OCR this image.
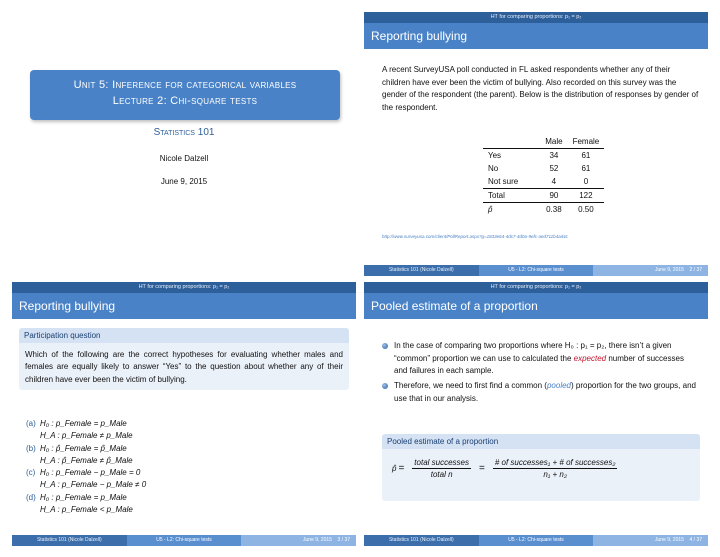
Unit 5: Inference for categorical variables
Lecture 2: Chi-square tests
Statistics 101
Nicole Dalzell
June 9, 2015
HT for comparing proportions: p₁ = p₂
Reporting bullying
A recent SurveyUSA poll conducted in FL asked respondents whether any of their children have ever been the victim of bullying. Also recorded on this survey was the gender of the respondent (the parent). Below is the distribution of responses by gender of the respondent.
	Male	Female
Yes	34	61
No	52	61
Not sure	4	0
Total	90	122
p̂	0.38	0.50
http://www.surveyusa.com/client/PollReport.aspx?g=1833e64-4dc7-4d0a-9efc-aed711b4ad4c
Statistics 101 (Nicole Dalzell)	U5 - L2: Chi-square tests	June 9, 2015 2 / 37
HT for comparing proportions: p₁ = p₂
Reporting bullying
Participation question
Which of the following are the correct hypotheses for evaluating whether males and females are equally likely to answer “Yes” to the question about whether any of their children have ever been the victim of bullying.
(a) H₀ : p_Female = p_Male
H_A : p_Female ≠ p_Male
(b) H₀ : p̂_Female = p̂_Male
H_A : p̂_Female ≠ p̂_Male
(c) H₀ : p_Female − p_Male = 0
H_A : p_Female − p_Male ≠ 0
(d) H₀ : p_Female = p_Male
H_A : p_Female < p_Male
Statistics 101 (Nicole Dalzell)	U5 - L2: Chi-square tests	June 9, 2015 3 / 37
HT for comparing proportions: p₁ = p₂
Pooled estimate of a proportion
In the case of comparing two proportions where H₀ : p₁ = p₂, there isn’t a given “common” proportion we can use to calculated the expected number of successes and failures in each sample.
Therefore, we need to first find a common (pooled) proportion for the two groups, and use that in our analysis.
Pooled estimate of a proportion
p̂ = $\frac{\text{total successes}}{\text{total n}} = \frac{\text{\# of successes₁ + \# of successes₂}}{\text{n₁ + n₂}}$
Statistics 101 (Nicole Dalzell)	U5 - L2: Chi-square tests	June 9, 2015 4 / 37
